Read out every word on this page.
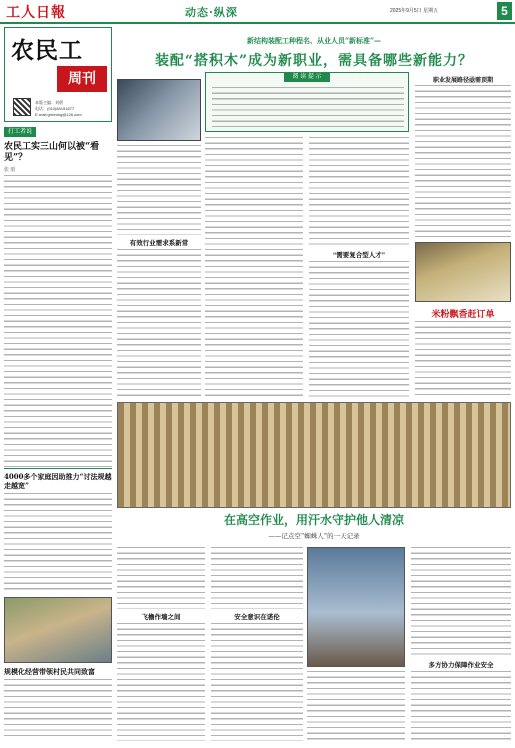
工人日報	动态·纵深	2025年9月5日 星期五	5
农民工
周刊
本版主编：刘碧
电话：(010)84151677
E-mail:grrbnmg@126.com
打工者说
农民工实三山何以被“看见”？
张 雨
4000多个家庭因助推力“讨法规越走越宽”
规模化经营带领村民共同致富
新结构装配工种程名、从业人员“新标准”—
装配“搭积木”成为新职业，需具备哪些新能力？
阅 读 提 示
职业发展路径亟需顶期
有效行业需求系新常
“需要复合型人才”
米粉飘香赶订单
在高空作业，用汗水守护他人清凉
——记点空“蜘蛛人”的一天记录
飞檐作墙之间	安全意识在诺伦
多方协力保障作业安全
